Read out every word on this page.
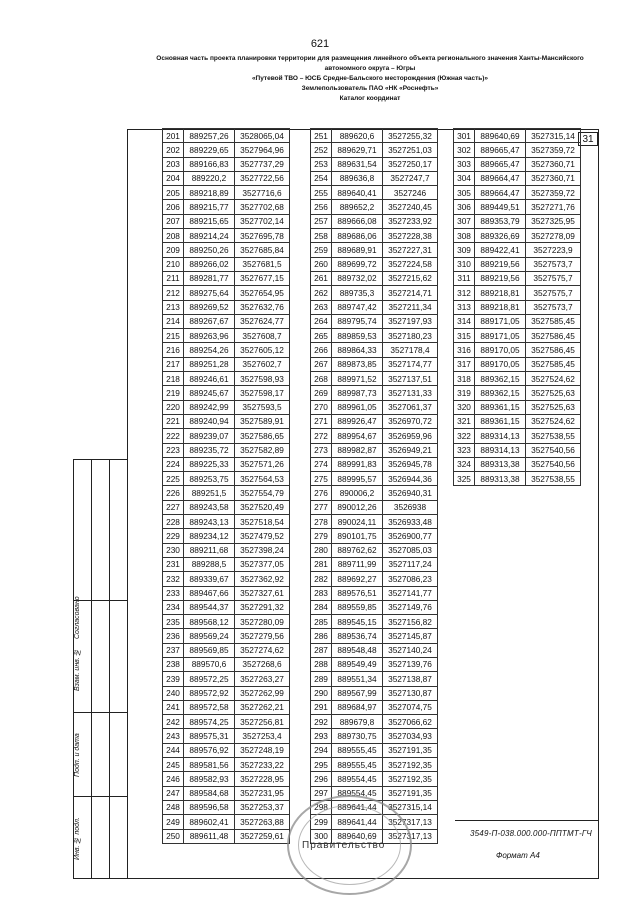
621
Основная часть проекта планировки территории для размещения линейного объекта регионального значения Ханты-Мансийского
автономного округа – Югры
«Путевой ТВО – ЮСБ Средне-Бальского месторождения (Южная часть)»
Землепользователь ПАО «НК «Роснефть»
Каталог координат
31
Согласовано
Взам. инв. №
Подп. и дата
Инв. № подл.
201	889257,26	3528065,04
202	889229,65	3527964,96
203	889166,83	3527737,29
204	889220,2	3527722,56
205	889218,89	3527716,6
206	889215,77	3527702,68
207	889215,65	3527702,14
208	889214,24	3527695,78
209	889250,26	3527685,84
210	889266,02	3527681,5
211	889281,77	3527677,15
212	889275,64	3527654,95
213	889269,52	3527632,76
214	889267,67	3527624,77
215	889263,96	3527608,7
216	889254,26	3527605,12
217	889251,28	3527602,7
218	889246,61	3527598,93
219	889245,67	3527598,17
220	889242,99	3527593,5
221	889240,94	3527589,91
222	889239,07	3527586,65
223	889235,72	3527582,89
224	889225,33	3527571,26
225	889253,75	3527564,53
226	889251,5	3527554,79
227	889243,58	3527520,49
228	889243,13	3527518,54
229	889234,12	3527479,52
230	889211,68	3527398,24
231	889288,5	3527377,05
232	889339,67	3527362,92
233	889467,66	3527327,61
234	889544,37	3527291,32
235	889568,12	3527280,09
236	889569,24	3527279,56
237	889569,85	3527274,62
238	889570,6	3527268,6
239	889572,25	3527263,27
240	889572,92	3527262,99
241	889572,58	3527262,21
242	889574,25	3527256,81
243	889575,31	3527253,4
244	889576,92	3527248,19
245	889581,56	3527233,22
246	889582,93	3527228,95
247	889584,68	3527231,95
248	889596,58	3527253,37
249	889602,41	3527263,88
250	889611,48	3527259,61
251	889620,6	3527255,32
252	889629,71	3527251,03
253	889631,54	3527250,17
254	889636,8	3527247,7
255	889640,41	3527246
256	889652,2	3527240,45
257	889666,08	3527233,92
258	889686,06	3527228,38
259	889689,91	3527227,31
260	889699,72	3527224,58
261	889732,02	3527215,62
262	889735,3	3527214,71
263	889747,42	3527211,34
264	889795,74	3527197,93
265	889859,53	3527180,23
266	889864,33	3527178,4
267	889873,85	3527174,77
268	889971,52	3527137,51
269	889987,73	3527131,33
270	889961,05	3527061,37
271	889926,47	3526970,72
272	889954,67	3526959,96
273	889982,87	3526949,21
274	889991,83	3526945,78
275	889995,57	3526944,36
276	890006,2	3526940,31
277	890012,26	3526938
278	890024,11	3526933,48
279	890101,75	3526900,77
280	889762,62	3527085,03
281	889711,99	3527117,24
282	889692,27	3527086,23
283	889576,51	3527141,77
284	889559,85	3527149,76
285	889545,15	3527156,82
286	889536,74	3527145,87
287	889548,48	3527140,24
288	889549,49	3527139,76
289	889551,34	3527138,87
290	889567,99	3527130,87
291	889684,97	3527074,75
292	889679,8	3527066,62
293	889730,75	3527034,93
294	889555,45	3527191,35
295	889555,45	3527192,35
296	889554,45	3527192,35
297	889554,45	3527191,35
298	889641,44	3527315,14
299	889641,44	3527317,13
300	889640,69	3527317,13
301	889640,69	3527315,14
302	889665,47	3527359,72
303	889665,47	3527360,71
304	889664,47	3527360,71
305	889664,47	3527359,72
306	889449,51	3527271,76
307	889353,79	3527325,95
308	889326,69	3527278,09
309	889422,41	3527223,9
310	889219,56	3527573,7
311	889219,56	3527575,7
312	889218,81	3527575,7
313	889218,81	3527573,7
314	889171,05	3527585,45
315	889171,05	3527586,45
316	889170,05	3527586,45
317	889170,05	3527585,45
318	889362,15	3527524,62
319	889362,15	3527525,63
320	889361,15	3527525,63
321	889361,15	3527524,62
322	889314,13	3527538,55
323	889314,13	3527540,56
324	889313,38	3527540,56
325	889313,38	3527538,55
3549-П-038.000.000-ППТМТ-ГЧ
Формат А4
Правительство
